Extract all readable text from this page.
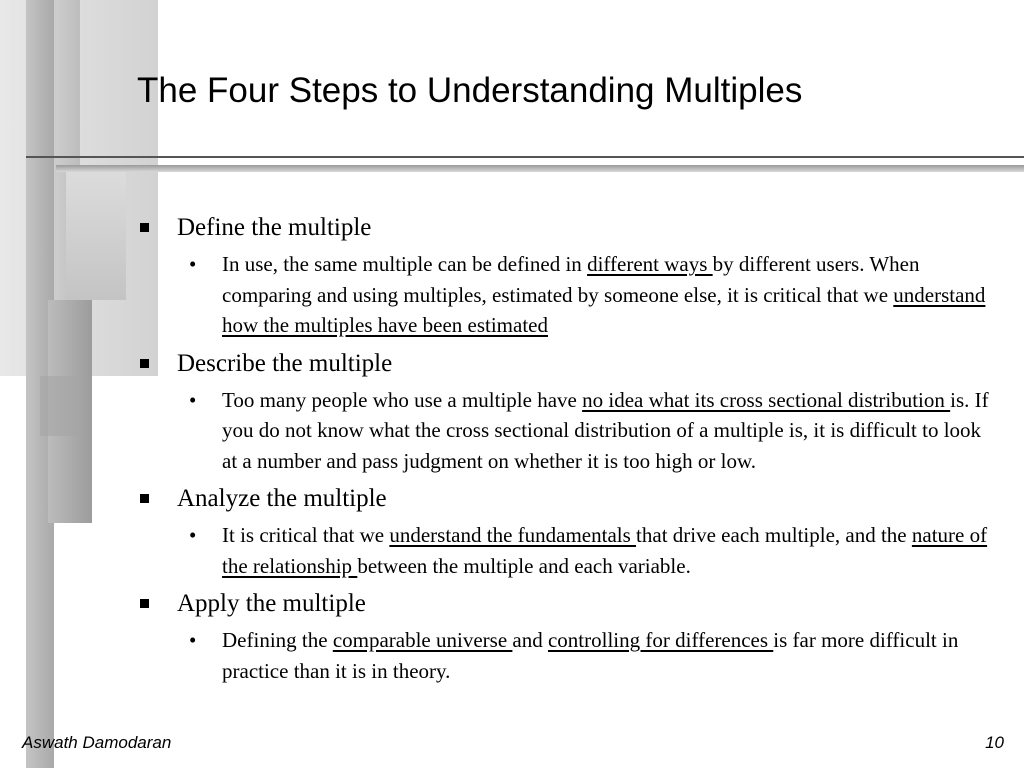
The Four Steps to Understanding Multiples
Define the multiple
• In use, the same multiple can be defined in different ways by different users. When comparing and using multiples, estimated by someone else, it is critical that we understand how the multiples have been estimated
Describe the multiple
• Too many people who use a multiple have no idea what its cross sectional distribution is. If you do not know what the cross sectional distribution of a multiple is, it is difficult to look at a number and pass judgment on whether it is too high or low.
Analyze the multiple
• It is critical that we understand the fundamentals that drive each multiple, and the nature of the relationship between the multiple and each variable.
Apply the multiple
• Defining the comparable universe and controlling for differences is far more difficult in practice than it is in theory.
Aswath Damodaran	10
